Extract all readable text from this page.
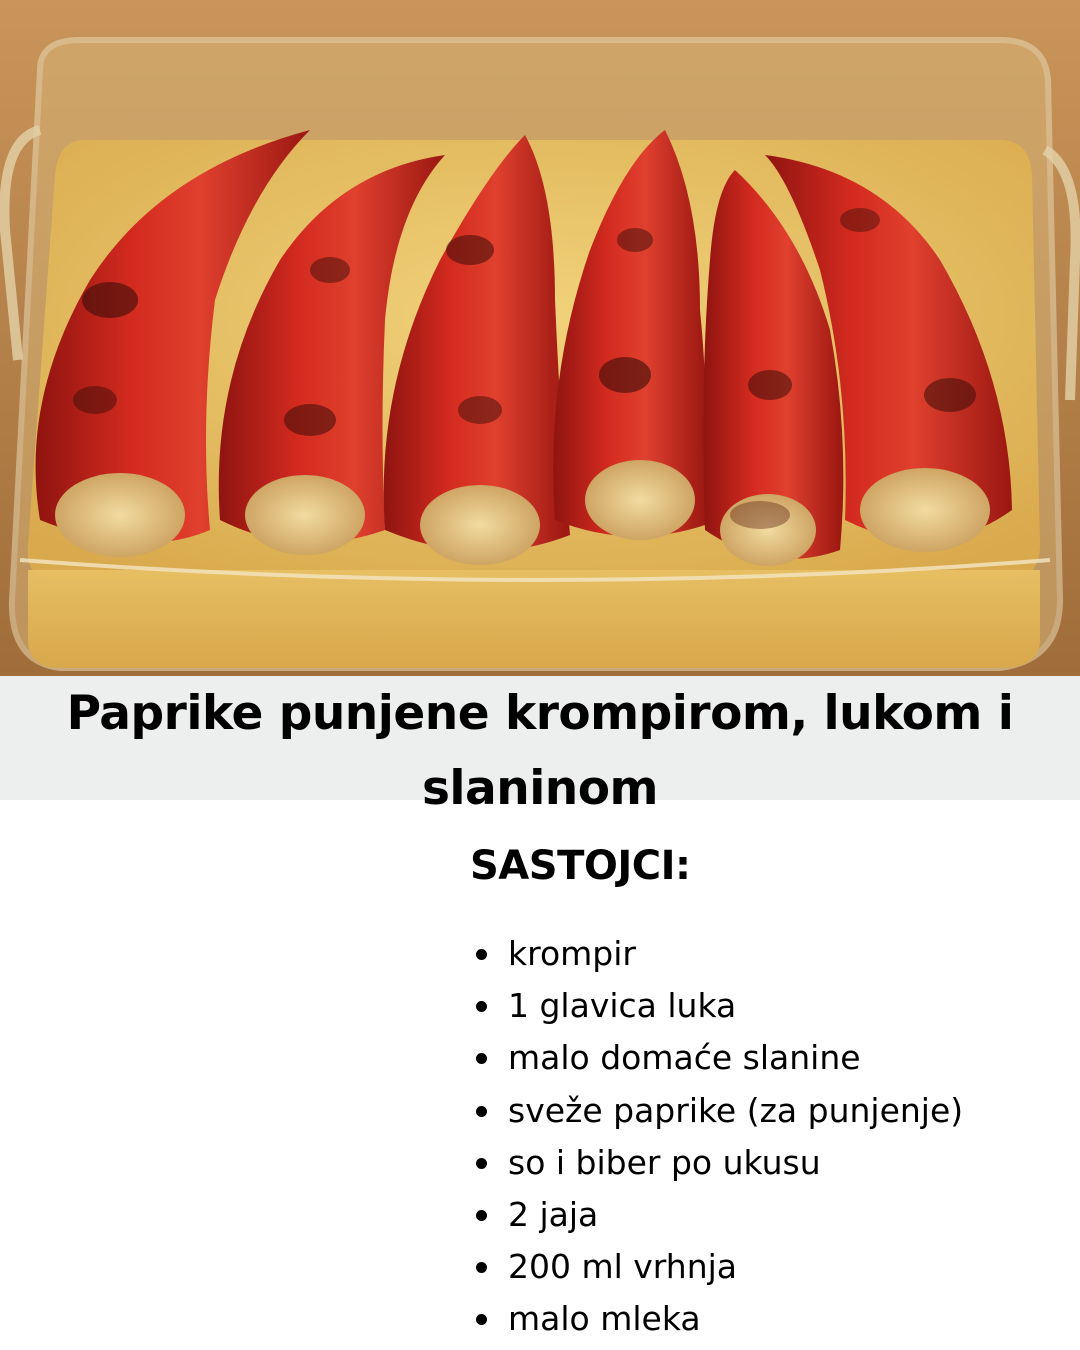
Paprike punjene krompirom, lukom i
slaninom
SASTOJCI:
krompir
1 glavica luka
malo domaće slanine
sveže paprike (za punjenje)
so i biber po ukusu
2 jaja
200 ml vrhnja
malo mleka
